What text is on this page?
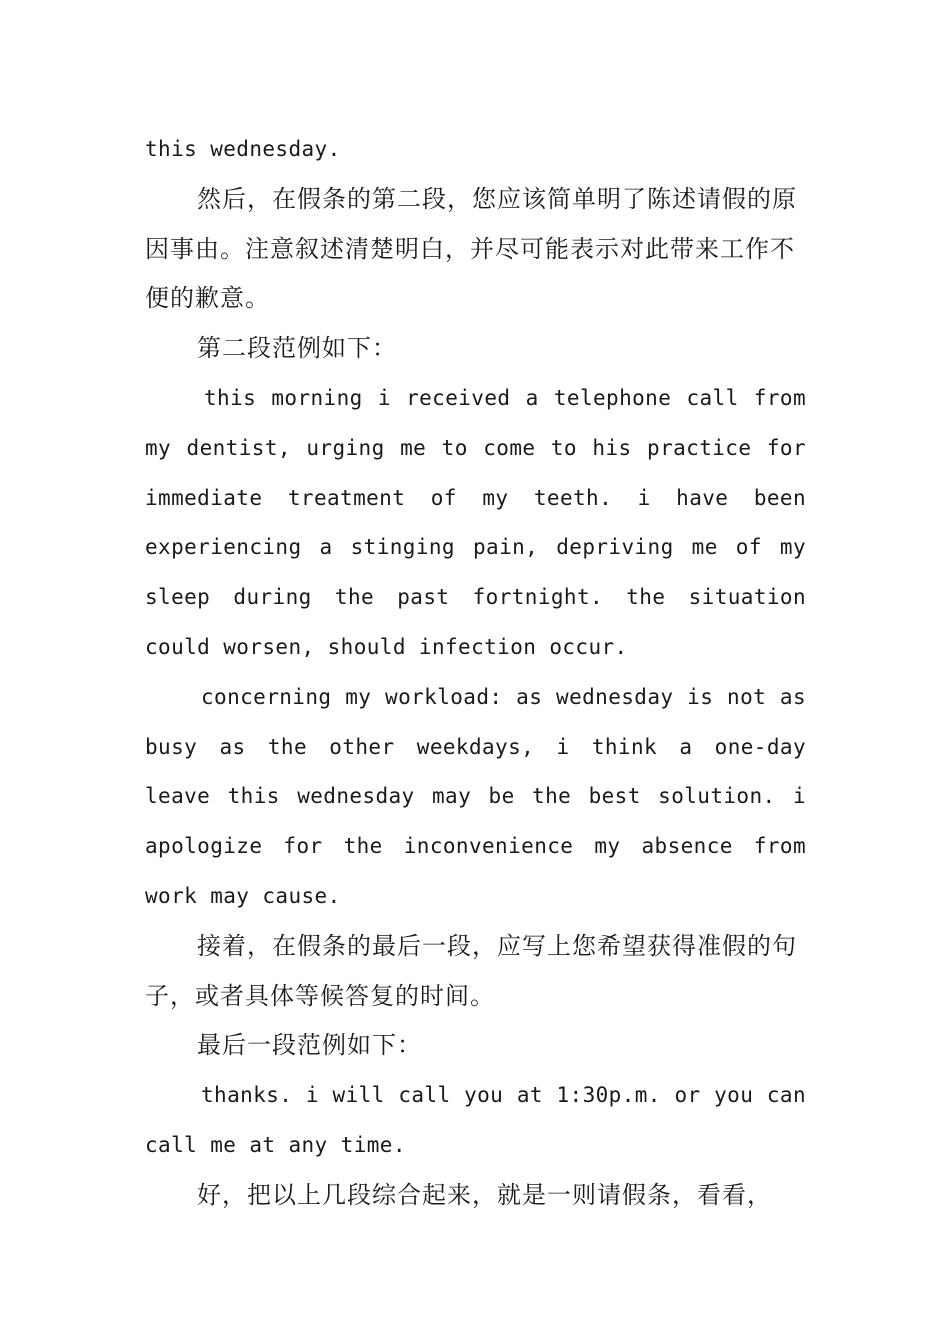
this wednesday.

然后，在假条的第二段，您应该简单明了陈述请假的原因事由。注意叙述清楚明白，并尽可能表示对此带来工作不便的歉意。

第二段范例如下：

this morning i received a telephone call from my dentist, urging me to come to his practice for immediate treatment of my teeth. i have been experiencing a stinging pain, depriving me of my sleep during the past fortnight. the situation could worsen, should infection occur.

concerning my workload: as wednesday is not as busy as the other weekdays, i think a one-day leave this wednesday may be the best solution. i apologize for the inconvenience my absence from work may cause.

接着，在假条的最后一段，应写上您希望获得准假的句子，或者具体等候答复的时间。

最后一段范例如下：

thanks. i will call you at 1:30p.m. or you can call me at any time.

好，把以上几段综合起来，就是一则请假条，看看，
